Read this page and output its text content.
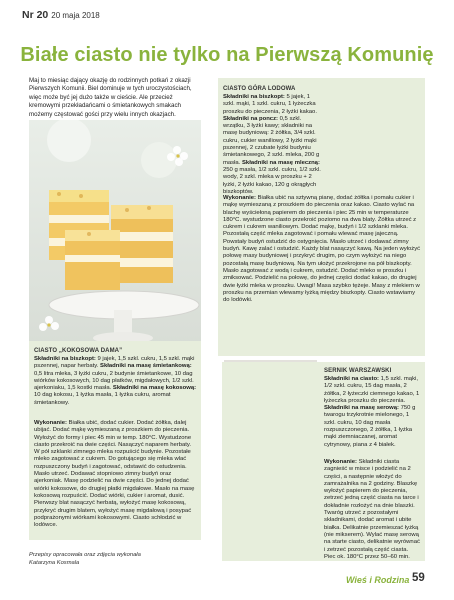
Nr 20 20 maja 2018
Białe ciasto nie tylko na Pierwszą Komunię
Maj to miesiąc dający okazję do rodzinnych potkań z okazji Pierwszych Komunii. Biel dominuje w tych uroczystościach, więc może być jej dużo także w cieście. Ale przecież kremowymi przekładańcami o śmietankowych smakach możemy częstować gości przy wielu innych okazjach.
CIASTO GÓRA LODOWA
Składniki na biszkopt: 5 jajek, 1 szkl. mąki, 1 szkl. cukru, 1 łyżeczka proszku do pieczenia, 2 łyżki kakao. Składniki na poncz: 0,5 szkl. wrzątku, 3 łyżki kawy; składniki na masę budyniową: 2 żółtka, 3/4 szkl. cukru, cukier waniliowy, 2 łyżki mąki pszennej, 2 czubate łyżki budyniu śmietankowego, 2 szkl. mleka, 200 g masła. Składniki na masę mleczną: 250 g masła, 1/2 szkl. cukru, 1/2 szkl. wody, 2 szkl. mleka w proszku + 2 łyżki, 2 łyżki kakao, 120 g okrągłych biszkoptów.
Wykonanie: Białka ubić na sztywną pianę, dodać żółtka i pomału cukier i mąkę wymieszaną z proszkiem do pieczenia oraz kakao. Ciasto wylać na blachę wyściełoną papierem do pieczenia i piec 25 min w temperaturze 180°C. wystudzone ciasto przekroić poziomo na dwa blaty. Żółtka utrzeć z cukrem i cukrem waniliowym. Dodać mąkę, budyń i 1/2 szklanki mleka. Pozostałą część mleka zagotować i pomału wlewać masę jajeczną. Powstały budyń ostudzić do ostygnięcia. Masło utrzeć i dodawać zimny budyń. Kawę zalać i ostudzić. Każdy blat nasączyć kawą. Na jeden wyłożyć połowę masy budyniowej i przykryć drugim, po czym wyłożyć na niego pozostałą masę budyniową. Na tym ułożyć przekrojone na pół biszkopty. Masło zagotować z wodą i cukrem, ostudzić. Dodać mleko w proszku i zmiksować. Podzielić na połowę, do jednej części dodać kakao, do drugiej dwie łyżki mleka w proszku. Uwagi! Masa szybko tężeje. Masy z mlekiem w proszku na przemian wlewamy łyżką między biszkopty. Ciasto wstawiamy do lodówki.
CIASTO „KOKOSOWA DAMA”
Składniki na biszkopt: 9 jajek, 1,5 szkl. cukru, 1,5 szkl. mąki pszennej, napar herbaty. Składniki na masę śmietankową: 0,5 litra mleka, 3 łyżki cukru, 2 budynie śmietankowe, 10 dag wiórków kokosowych, 10 dag płatków, migdałowych, 1/2 szkl. ajerkoniaku, 1,5 kostki masła. Składniki na masę kokosową: 10 dag kokosu, 1 łyżka masła, 1 łyżka cukru, aromat śmietankowy.
Wykonanie: Białka ubić, dodać cukier. Dodać żółtka, dalej ubijać. Dodać mąkę wymieszaną z proszkiem do pieczenia. Wyłożyć do formy i piec 45 min w temp. 180°C. Wystudzone ciasto przekroić na dwie części. Nasączyć naparem herbaty. W pół szklanki zimnego mleka rozpuścić budynie. Pozostałe mleko zagotować z cukrem. Do gotującego się mleka wlać rozpuszczony budyń i zagotować, odstawić do ostudzenia. Masło utrzeć. Dodawać stopniowo zimny budyń oraz ajerkoniak. Masę podzielić na dwie części. Do jednej dodać wiórki kokosowe, do drugiej płatki migdałowe. Masło na masę kokosową rozpuścić. Dodać wiórki, cukier i aromat, dusić. Pierwszy blat nasączyć herbatą, wyłożyć masę kokosową, przykryć drugim blatem, wyłożyć masę migdałową i posypać podprażonymi wiórkami kokosowymi. Ciasto schłodzić w lodówce.
SERNIK WARSZAWSKI
Składniki na ciasto: 1,5 szkl. mąki, 1/2 szkl. cukru, 15 dag masła, 2 żółtka, 2 łyżeczki ciemnego kakao, 1 łyżeczka proszku do pieczenia. Składniki na masę serową: 750 g twarogu trzykrotnie mielonego, 1 szkl. cukru, 10 dag masła rozpuszczonego, 2 żółtka, 1 łyżka mąki ziemniaczanej, aromat cytrynowy, piana z 4 białek.
Wykonanie: Składniki ciasta zagnieść w misce i podzielić na 2 części, a następnie włożyć do zamrażalnika na 2 godziny. Blaszkę wyłożyć papierem do pieczenia, zetrzeć jedną część ciasta na tarce i dokładnie rozłożyć na dnie blaszki. Twaróg utrzeć z pozostałymi składnikami, dodać aromat i ubite białka. Delikatnie przemieszać łyżką (nie mikserem). Wylać masę serową na starte ciasto, delikatnie wyrównać i zetrzeć pozostałą część ciasta. Piec ok. 180°C przez 50–60 min.
Przepisy opracowała oraz zdjęcia wykonała
Katarzyna Kosmala
Wieś i Rodzina 59
